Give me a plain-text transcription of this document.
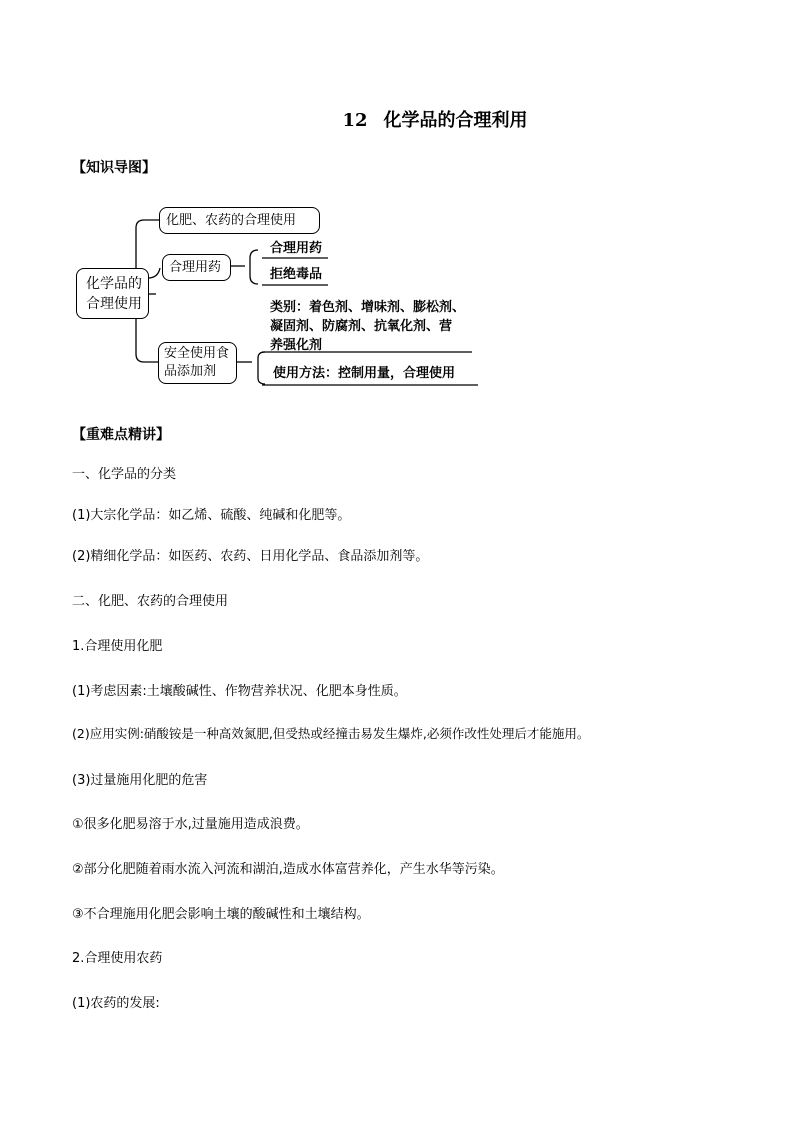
12 化学品的合理利用
【知识导图】
化学品的
合理使用
化肥、农药的合理使用
合理用药
合理用药
拒绝毒品
安全使用食
品添加剂
类别：着色剂、增味剂、膨松剂、
凝固剂、防腐剂、抗氧化剂、营
养强化剂
使用方法：控制用量，合理使用
【重难点精讲】
一、化学品的分类
(1)大宗化学品：如乙烯、硫酸、纯碱和化肥等。
(2)精细化学品：如医药、农药、日用化学品、食品添加剂等。
二、化肥、农药的合理使用
1.合理使用化肥
(1)考虑因素:土壤酸碱性、作物营养状况、化肥本身性质。
(2)应用实例:硝酸铵是一种高效氮肥,但受热或经撞击易发生爆炸,必须作改性处理后才能施用。
(3)过量施用化肥的危害
①很多化肥易溶于水,过量施用造成浪费。
②部分化肥随着雨水流入河流和湖泊,造成水体富营养化，产生水华等污染。
③不合理施用化肥会影响土壤的酸碱性和土壤结构。
2.合理使用农药
(1)农药的发展:
